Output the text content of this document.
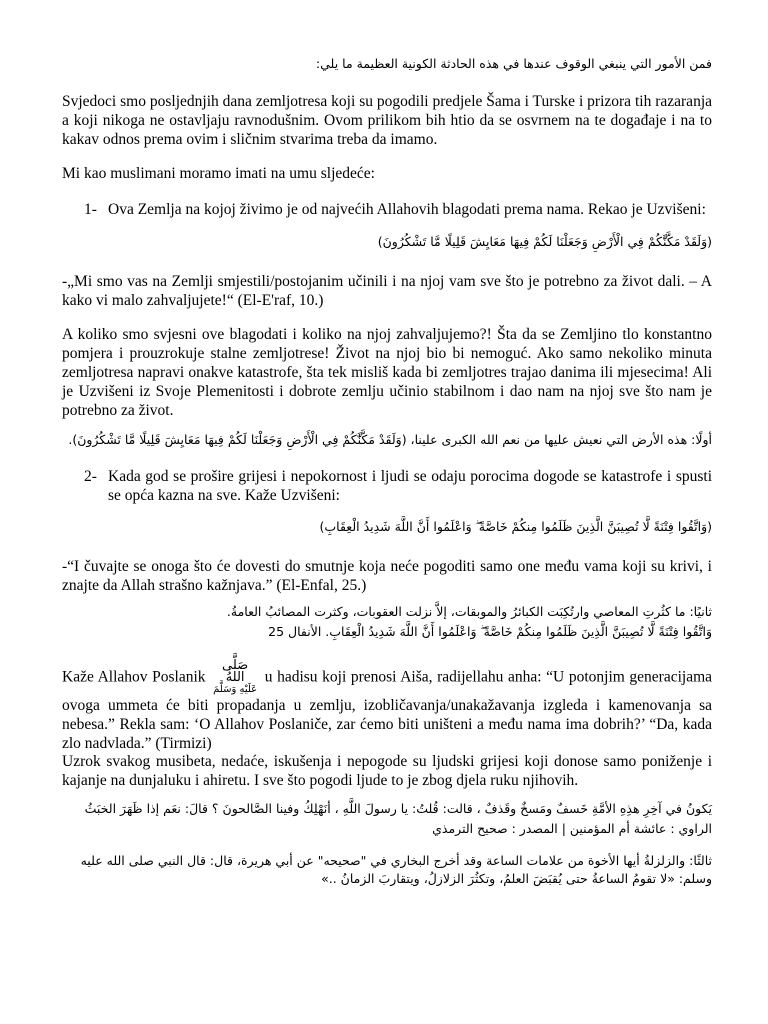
فمن الأمور التي ينبغي الوقوف عندها في هذه الحادثة الكونية العظيمة ما يلي:

Svjedoci smo posljednjih dana zemljotresa koji su pogodili predjele Šama i Turske i prizora tih razaranja a koji nikoga ne ostavljaju ravnodušnim. Ovom prilikom bih htio da se osvrnem na te događaje i na to kakav odnos prema ovim i sličnim stvarima treba da imamo.

Mi kao muslimani moramo imati na umu sljedeće:

1- Ova Zemlja na kojoj živimo je od najvećih Allahovih blagodati prema nama. Rekao je Uzvišeni:

(وَلَقَدْ مَكَّنَّٰكُمْ فِي الْأَرْضِ وَجَعَلْنَا لَكُمْ فِيهَا مَعَايِشَ قَلِيلًا مَّا تَشْكُرُونَ)

-„Mi smo vas na Zemlji smjestili/postojanim učinili i na njoj vam sve što je potrebno za život dali. – A kako vi malo zahvaljujete!“ (El-E'raf, 10.)

A koliko smo svjesni ove blagodati i koliko na njoj zahvaljujemo?! Šta da se Zemljino tlo konstantno pomjera i prouzrokuje stalne zemljotrese! Život na njoj bio bi nemoguć. Ako samo nekoliko minuta zemljotresa napravi onakve katastrofe, šta tek misliš kada bi zemljotres trajao danima ili mjesecima! Ali je Uzvišeni iz Svoje Plemenitosti i dobrote zemlju učinio stabilnom i dao nam na njoj sve što nam je potrebno za život.

أولًا: هذه الأرض التي نعيش عليها من نعم الله الكبرى علينا، (وَلَقَدْ مَكَّنَّٰكُمْ فِي الْأَرْضِ وَجَعَلْنَا لَكُمْ فِيهَا مَعَايِشَ قَلِيلًا مَّا تَشْكُرُونَ).

2- Kada god se prošire grijesi i nepokornost i ljudi se odaju porocima dogode se katastrofe i spusti se opća kazna na sve. Kaže Uzvišeni:

(وَاتَّقُوا فِتْنَةً لَّا تُصِيبَنَّ الَّذِينَ ظَلَمُوا مِنكُمْ خَاصَّةً ۖ وَاعْلَمُوا أَنَّ اللَّهَ شَدِيدُ الْعِقَابِ)

-“I čuvajte se onoga što će dovesti do smutnje koja neće pogoditi samo one među vama koji su krivi, i znajte da Allah strašno kažnjava.” (El-Enfal, 25.)

ثانيًا: ما كثُرتِ المعاصي وارتُكِبَت الكبائرُ والموبقات، إلاَّ نزلت العقوبات، وكثرت المصائبُ العامةُ.

وَاتَّقُوا فِتْنَةً لَّا تُصِيبَنَّ الَّذِينَ ظَلَمُوا مِنكُمْ خَاصَّةً ۖ وَاعْلَمُوا أَنَّ اللَّهَ شَدِيدُ الْعِقَابِ. الأنفال 25

Kaže Allahov Poslanik
صَلَّى اللهُ
عَلَيْهِ وَسَلَّمَ
u hadisu koji prenosi Aiša, radijellahu anha: “U potonjim generacijama ovoga ummeta će biti propadanja u zemlju, izobličavanja/unakažavanja izgleda i kamenovanja sa nebesa.” Rekla sam: ‘O Allahov Poslaniče, zar ćemo biti uništeni a među nama ima dobrih?’ “Da, kada zlo nadvlada.” (Tirmizi)

Uzrok svakog musibeta, nedaće, iskušenja i nepogode su ljudski grijesi koji donose samo poniženje i kajanje na dunjaluku i ahiretu. I sve što pogodi ljude to je zbog djela ruku njihovih.

يَكونُ في آخِرِ هذِهِ الأمَّةِ خَسفٌ ومَسخٌ وقَذفٌ ، قالت: قُلتُ: يا رسولَ اللَّهِ ، أنَهْلِكُ وفينا الصَّالحونَ ؟ قالَ: نعَم إذا ظَهَرَ الخبَثُ

الراوي : عائشة أم المؤمنين | المصدر : صحيح الترمذي

ثالثًا: والزلزلةُ أيها الأخوة من علامات الساعة وقد أخرج البخاري في "صحيحه" عن أبي هريرة، قال: قال النبي صلى الله عليه وسلم: «لا تقومُ الساعةُ حتى يُقبَضَ العلمُ، وتكثُرَ الزلازلُ، ويتقاربَ الزمانُ ..»
